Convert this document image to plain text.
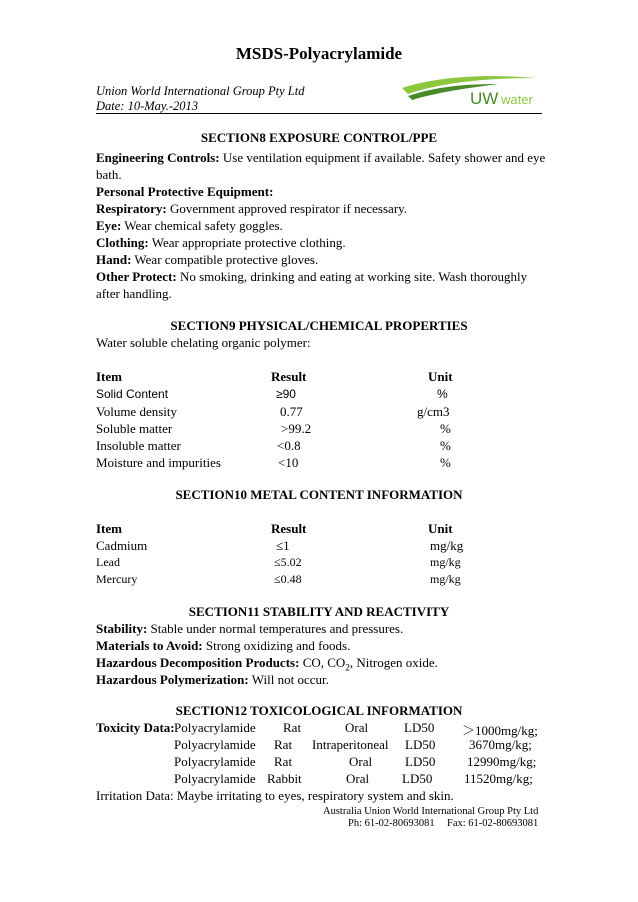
MSDS-Polyacrylamide
Union World International Group Pty Ltd
Date: 10-May.-2013	UW water
SECTION8 EXPOSURE CONTROL/PPE
Engineering Controls: Use ventilation equipment if available. Safety shower and eye
bath.
Personal Protective Equipment:
Respiratory: Government approved respirator if necessary.
Eye: Wear chemical safety goggles.
Clothing: Wear appropriate protective clothing.
Hand: Wear compatible protective gloves.
Other Protect: No smoking, drinking and eating at working site. Wash thoroughly
after handling.
SECTION9 PHYSICAL/CHEMICAL PROPERTIES
Water soluble chelating organic polymer:
Item	Result	Unit
Solid Content	≥90	%
Volume density	0.77	g/cm3
Soluble matter	>99.2	%
Insoluble matter	<0.8	%
Moisture and impurities	<10	%
SECTION10 METAL CONTENT INFORMATION
Item	Result	Unit
Cadmium	≤1	mg/kg
Lead	≤5.02	mg/kg
Mercury	≤0.48	mg/kg
SECTION11 STABILITY AND REACTIVITY
Stability: Stable under normal temperatures and pressures.
Materials to Avoid: Strong oxidizing and foods.
Hazardous Decomposition Products: CO, $CO_2$, Nitrogen oxide.
Hazardous Polymerization: Will not occur.
SECTION12 TOXICOLOGICAL INFORMATION
Toxicity Data: Polyacrylamide Rat	Oral	LD50 ＞1000mg/kg;
Polyacrylamide Rat Intraperitoneal LD50	3670mg/kg;
Polyacrylamide Rat	Oral	LD50 12990mg/kg;
Polyacrylamide Rabbit	Oral	LD50 11520mg/kg;
Irritation Data: Maybe irritating to eyes, respiratory system and skin.
Australia Union World International Group Pty Ltd
Ph: 61-02-80693081 Fax: 61-02-80693081
